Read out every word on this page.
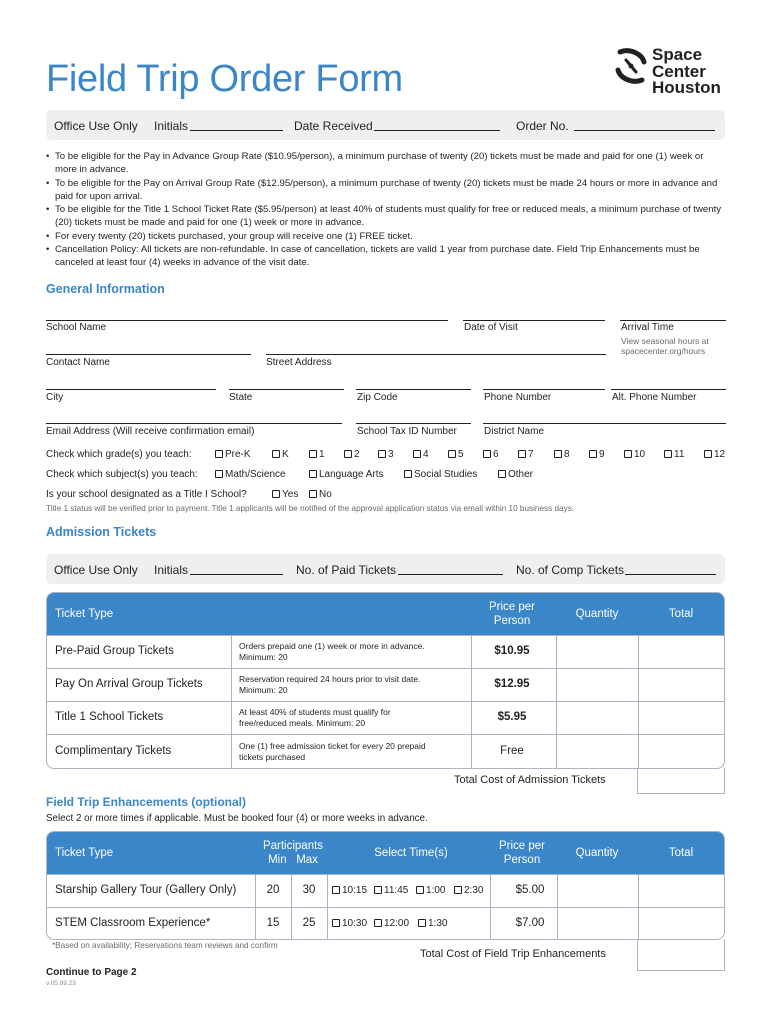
Field Trip Order Form
Space
Center
Houston
Office Use Only Initials	Date Received	Order No.
• To be eligible for the Pay in Advance Group Rate ($10.95/person), a minimum purchase of twenty (20) tickets must be made and paid for one (1) week or more in advance.
• To be eligible for the Pay on Arrival Group Rate ($12.95/person), a minimum purchase of twenty (20) tickets must be made 24 hours or more in advance and paid for upon arrival.
• To be eligible for the Title 1 School Ticket Rate ($5.95/person) at least 40% of students must qualify for free or reduced meals, a minimum purchase of twenty (20) tickets must be made and paid for one (1) week or more in advance.
• For every twenty (20) tickets purchased, your group will receive one (1) FREE ticket.
• Cancellation Policy: All tickets are non-refundable. In case of cancellation, tickets are valid 1 year from purchase date. Field Trip Enhancements must be canceled at least four (4) weeks in advance of the visit date.
General Information
School Name	Date of Visit	Arrival Time
View seasonal hours at
spacecenter.org/hours
Contact Name	Street Address
City	State	Zip Code	Phone Number	Alt. Phone Number
Email Address (Will receive confirmation email)	School Tax ID Number	District Name
Check which grade(s) you teach:	Pre-K	K	1	2	3	4	5	6	7	8	9	10	11	12
Check which subject(s) you teach:	Math/Science	Language Arts	Social Studies	Other
Is your school designated as a Title I School?	Yes	No
Title 1 status will be verified prior to payment. Title 1 applicants will be notified of the approval application status via email within 10 business days.
Admission Tickets
Office Use Only Initials	No. of Paid Tickets	No. of Comp Tickets
Ticket Type
Price per
Person
Quantity	Total
Pre-Paid Group Tickets	Orders prepaid one (1) week or more in advance.
Minimum: 20	$10.95
Pay On Arrival Group Tickets	Reservation required 24 hours prior to visit date.
Minimum: 20	$12.95
Title 1 School Tickets	At least 40% of students must qualify for
free/reduced meals. Minimum: 20	$5.95
Complimentary Tickets	One (1) free admission ticket for every 20 prepaid
tickets purchased	Free
Total Cost of Admission Tickets
Field Trip Enhancements (optional)
Select 2 or more times if applicable. Must be booked four (4) or more weeks in advance.
Ticket Type
Participants
Min Max
Select Time(s)
Price per
Person
Quantity	Total
Starship Gallery Tour (Gallery Only)	20	30	10:15	11:45	1:00	2:30	$5.00
STEM Classroom Experience*	15	25	10:30	12:00	1:30	$7.00
*Based on availability; Reservations team reviews and confirm
Total Cost of Field Trip Enhancements
Continue to Page 2
v.05.09.23
